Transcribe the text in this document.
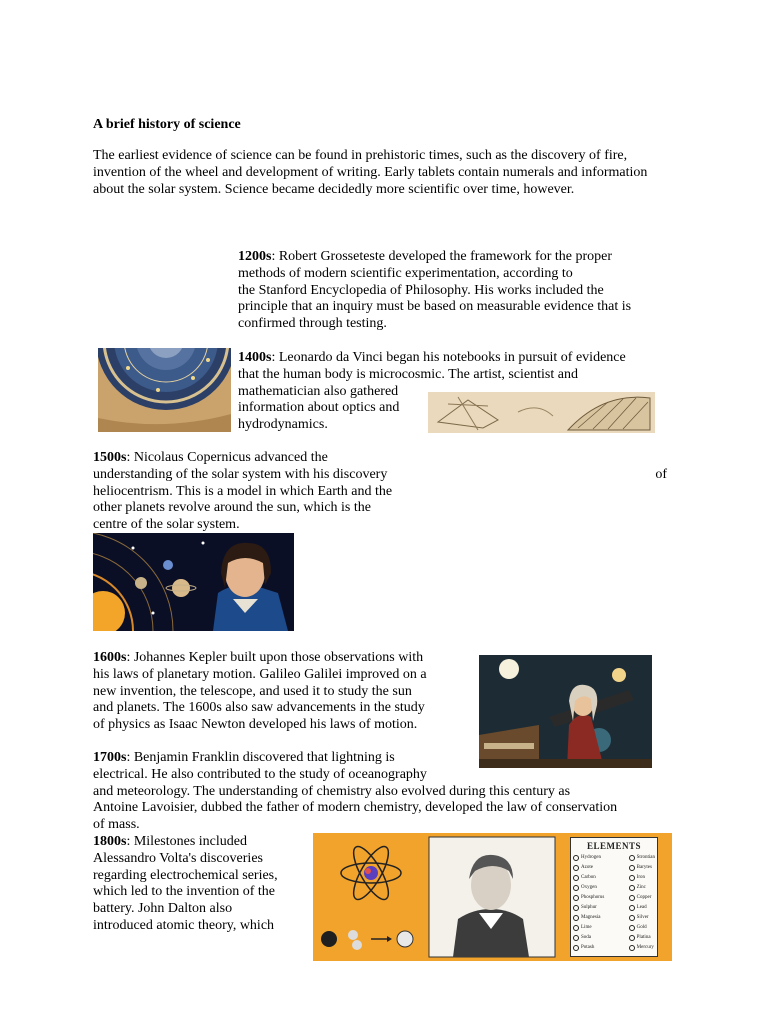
A brief history of science

The earliest evidence of science can be found in prehistoric times, such as the discovery of fire, invention of the wheel and development of writing. Early tablets contain numerals and information about the solar system. Science became decidedly more scientific over time, however.

1200s: Robert Grosseteste developed the framework for the proper

methods of modern scientific experimentation, according to

the Stanford Encyclopedia of Philosophy. His works included the

principle that an inquiry must be based on measurable evidence that is

confirmed through testing.

1400s: Leonardo da Vinci began his notebooks in pursuit of evidence

that the human body is microcosmic. The artist, scientist and

mathematician also gathered

information about optics and

hydrodynamics.

1500s: Nicolaus Copernicus advanced the

understanding of the solar system with his discovery	of

heliocentrism. This is a model in which Earth and the

other planets revolve around the sun, which is the

centre of the solar system.

1600s: Johannes Kepler built upon those observations with

his laws of planetary motion. Galileo Galilei improved on a

new invention, the telescope, and used it to study the sun

and planets. The 1600s also saw advancements in the study

of physics as Isaac Newton developed his laws of motion.

1700s: Benjamin Franklin discovered that lightning is

electrical. He also contributed to the study of oceanography

and meteorology. The understanding of chemistry also evolved during this century as

Antoine Lavoisier, dubbed the father of modern chemistry, developed the law of conservation

of mass.

1800s: Milestones included

Alessandro Volta's discoveries

regarding electrochemical series,

which led to the invention of the

battery. John Dalton also

introduced atomic theory, which

ELEMENTS
Hydrogen
Azote
Carbon
Oxygen
Phosphorus
Sulphur
Magnesia
Lime
Soda
Potash
Strontian
Barytes
Iron
Zinc
Copper
Lead
Silver
Gold
Platina
Mercury
